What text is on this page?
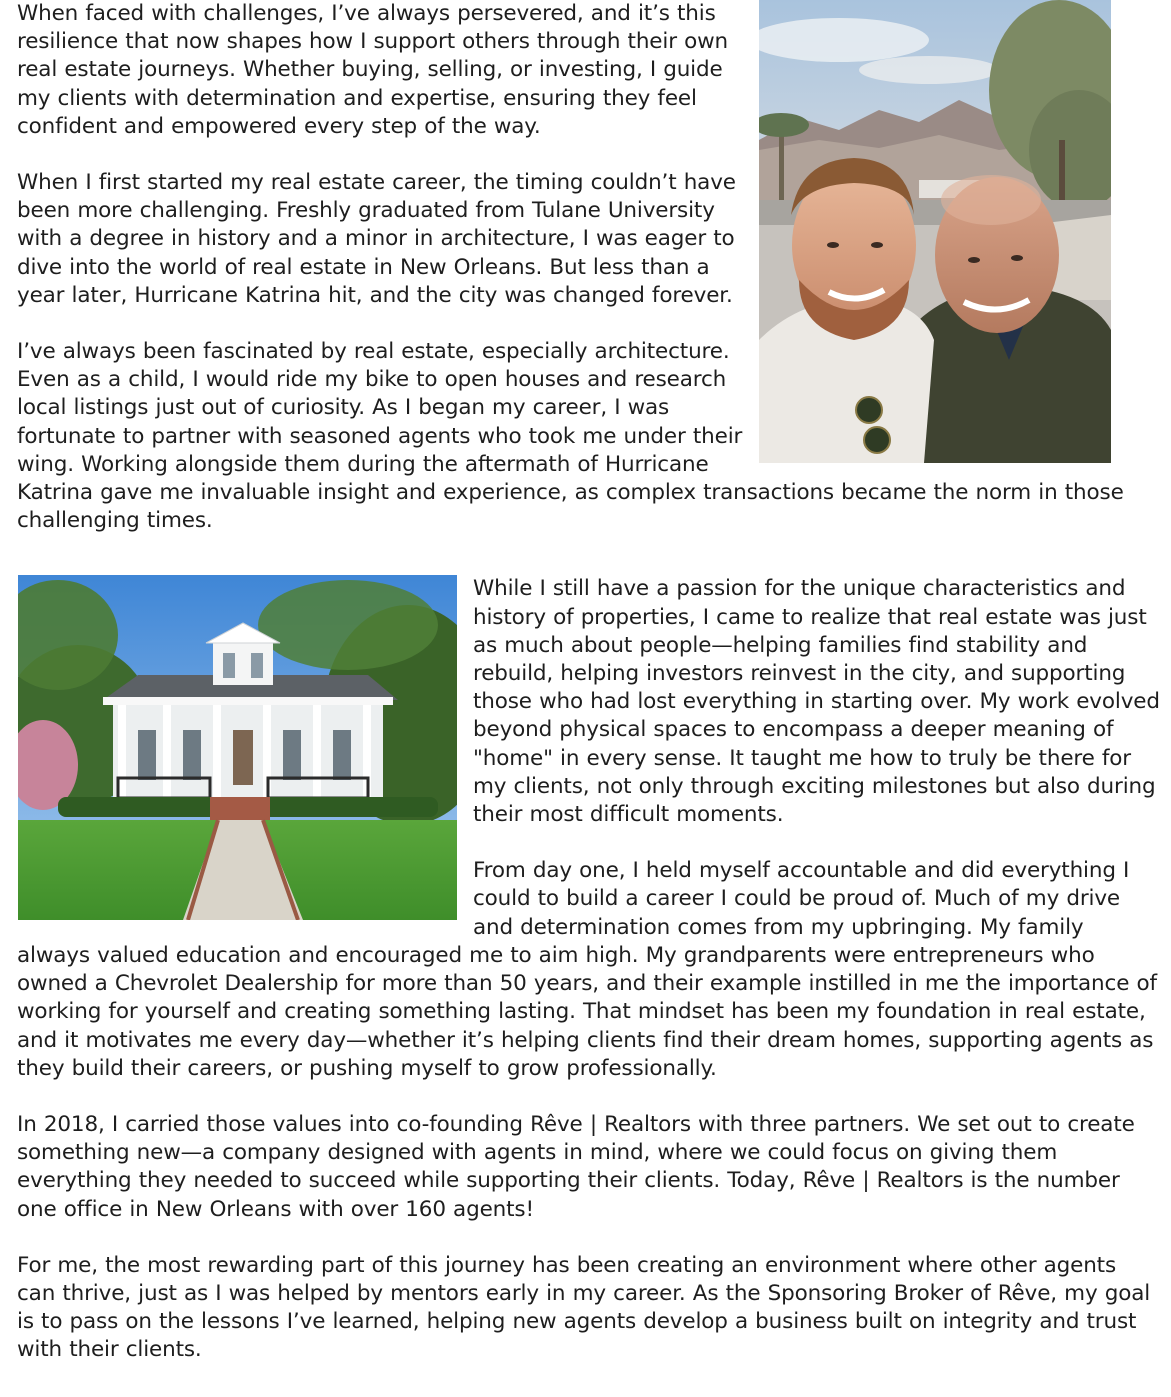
When faced with challenges, I’ve always persevered, and it’s this resilience that now shapes how I support others through their own real estate journeys. Whether buying, selling, or investing, I guide my clients with determination and expertise, ensuring they feel confident and empowered every step of the way.

When I first started my real estate career, the timing couldn’t have been more challenging. Freshly graduated from Tulane University with a degree in history and a minor in architecture, I was eager to dive into the world of real estate in New Orleans. But less than a year later, Hurricane Katrina hit, and the city was changed forever.

I’ve always been fascinated by real estate, especially architecture. Even as a child, I would ride my bike to open houses and research local listings just out of curiosity. As I began my career, I was fortunate to partner with seasoned agents who took me under their wing. Working alongside them during the aftermath of Hurricane Katrina gave me invaluable insight and experience, as complex transactions became the norm in those challenging times.

While I still have a passion for the unique characteristics and history of properties, I came to realize that real estate was just as much about people—helping families find stability and rebuild, helping investors reinvest in the city, and supporting those who had lost everything in starting over. My work evolved beyond physical spaces to encompass a deeper meaning of "home" in every sense. It taught me how to truly be there for my clients, not only through exciting milestones but also during their most difficult moments.

From day one, I held myself accountable and did everything I could to build a career I could be proud of. Much of my drive and determination comes from my upbringing. My family always valued education and encouraged me to aim high. My grandparents were entrepreneurs who owned a Chevrolet Dealership for more than 50 years, and their example instilled in me the importance of working for yourself and creating something lasting. That mindset has been my foundation in real estate, and it motivates me every day—whether it’s helping clients find their dream homes, supporting agents as they build their careers, or pushing myself to grow professionally.

In 2018, I carried those values into co-founding Rêve | Realtors with three partners. We set out to create something new—a company designed with agents in mind, where we could focus on giving them everything they needed to succeed while supporting their clients. Today, Rêve | Realtors is the number one office in New Orleans with over 160 agents!

For me, the most rewarding part of this journey has been creating an environment where other agents can thrive, just as I was helped by mentors early in my career. As the Sponsoring Broker of Rêve, my goal is to pass on the lessons I’ve learned, helping new agents develop a business built on integrity and trust with their clients.
